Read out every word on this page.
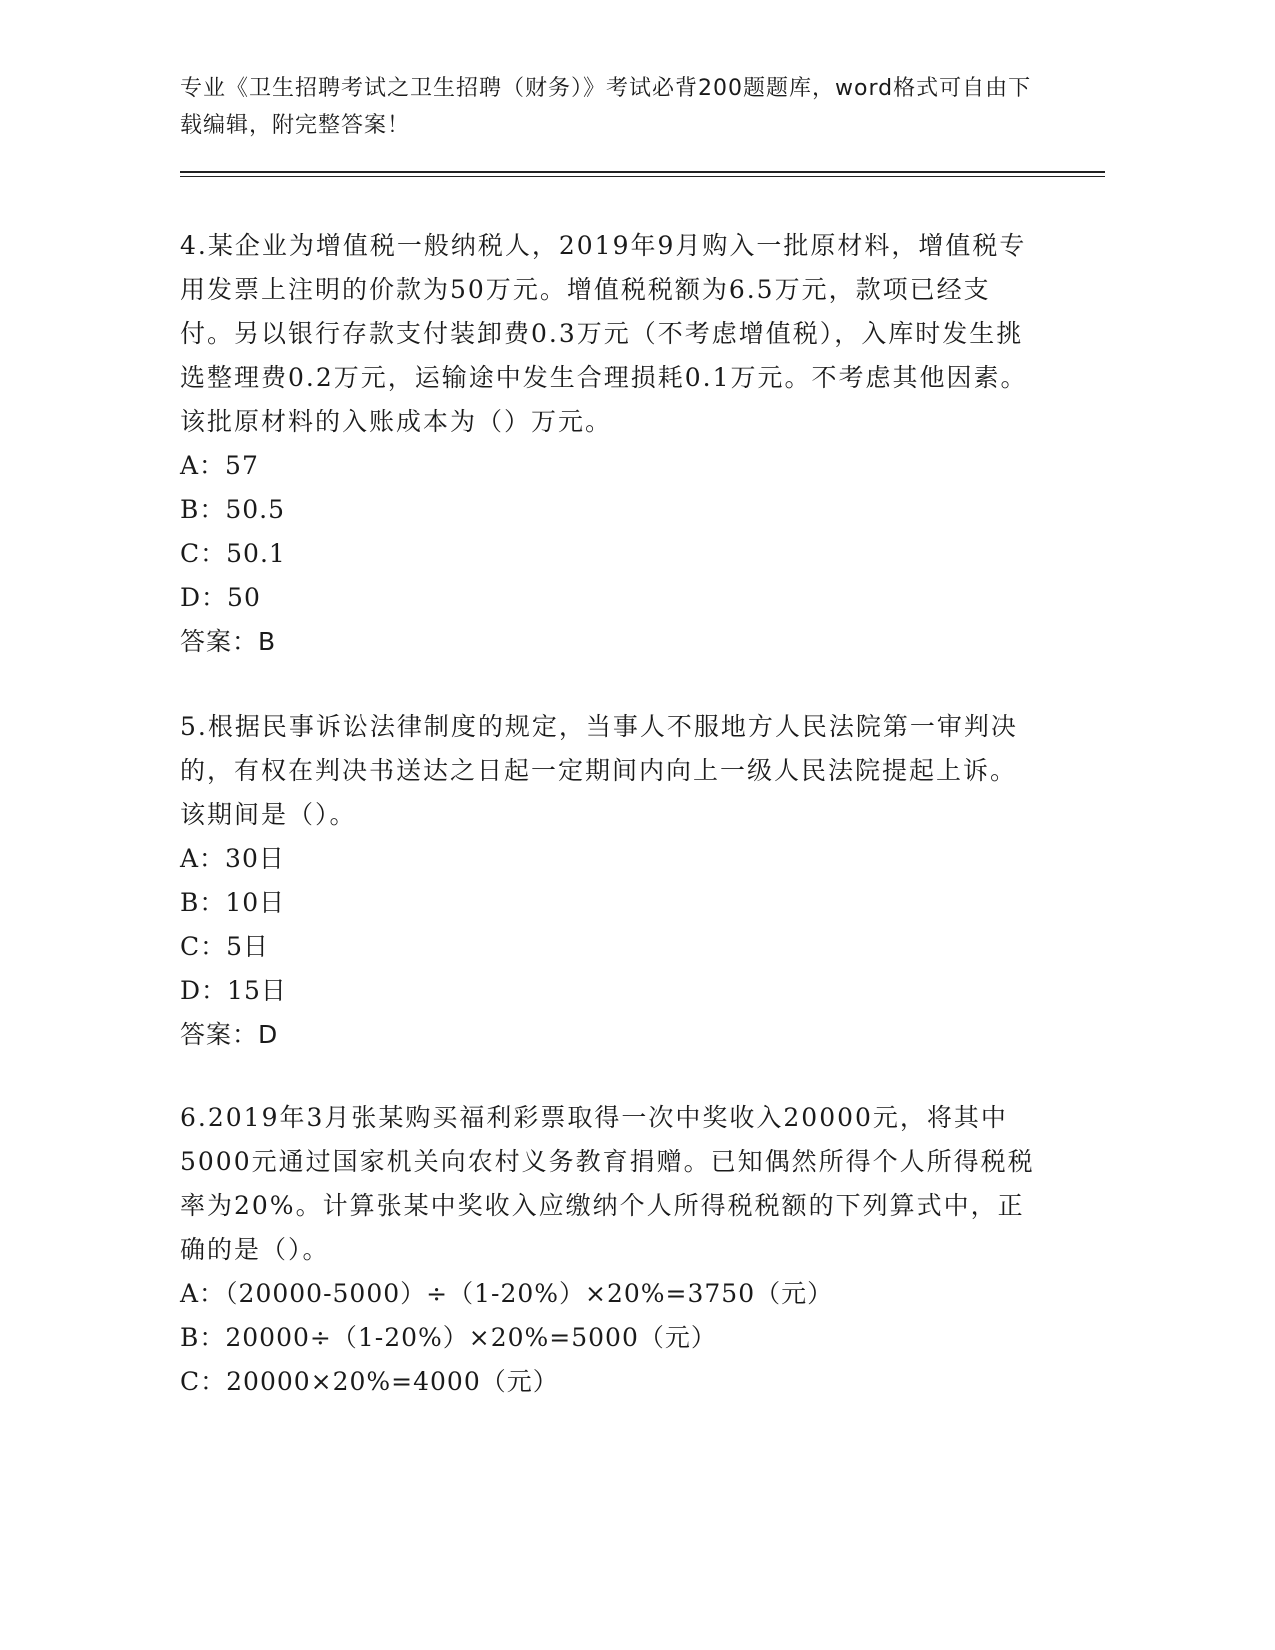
专业《卫生招聘考试之卫生招聘（财务）》考试必背200题题库，word格式可自由下载编辑，附完整答案！

4.某企业为增值税一般纳税人，2019年9月购入一批原材料，增值税专用发票上注明的价款为50万元。增值税税额为6.5万元，款项已经支付。另以银行存款支付装卸费0.3万元（不考虑增值税），入库时发生挑选整理费0.2万元，运输途中发生合理损耗0.1万元。不考虑其他因素。该批原材料的入账成本为（）万元。

A：57

B：50.5

C：50.1

D：50

答案：B

5.根据民事诉讼法律制度的规定，当事人不服地方人民法院第一审判决的，有权在判决书送达之日起一定期间内向上一级人民法院提起上诉。该期间是（）。

A：30日

B：10日

C：5日

D：15日

答案：D

6.2019年3月张某购买福利彩票取得一次中奖收入20000元，将其中5000元通过国家机关向农村义务教育捐赠。已知偶然所得个人所得税税率为20%。计算张某中奖收入应缴纳个人所得税税额的下列算式中，正确的是（）。

A：（20000-5000）÷（1-20%）×20%=3750（元）

B：20000÷（1-20%）×20%=5000（元）

C：20000×20%=4000（元）
